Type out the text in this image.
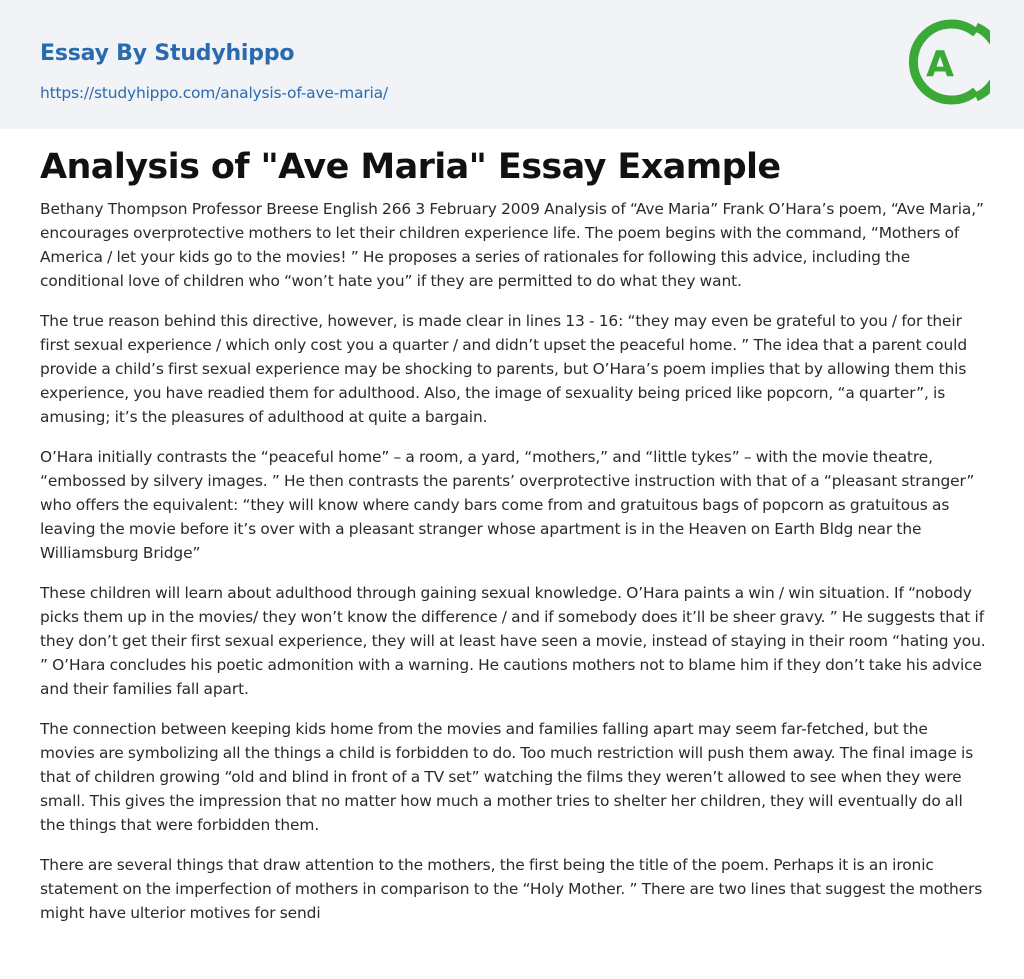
Essay By Studyhippo
https://studyhippo.com/analysis-of-ave-maria/
A
Analysis of "Ave Maria" Essay Example

Bethany Thompson Professor Breese English 266 3 February 2009 Analysis of “Ave Maria” Frank O’Hara’s poem, “Ave Maria,” encourages overprotective mothers to let their children experience life. The poem begins with the command, “Mothers of America / let your kids go to the movies! ” He proposes a series of rationales for following this advice, including the conditional love of children who “won’t hate you” if they are permitted to do what they want.

The true reason behind this directive, however, is made clear in lines 13 - 16: “they may even be grateful to you / for their first sexual experience / which only cost you a quarter / and didn’t upset the peaceful home. ” The idea that a parent could provide a child’s first sexual experience may be shocking to parents, but O’Hara’s poem implies that by allowing them this experience, you have readied them for adulthood. Also, the image of sexuality being priced like popcorn, “a quarter”, is amusing; it’s the pleasures of adulthood at quite a bargain.

O’Hara initially contrasts the “peaceful home” – a room, a yard, “mothers,” and “little tykes” – with the movie theatre, “embossed by silvery images. ” He then contrasts the parents’ overprotective instruction with that of a “pleasant stranger” who offers the equivalent: “they will know where candy bars come from and gratuitous bags of popcorn as gratuitous as leaving the movie before it’s over with a pleasant stranger whose apartment is in the Heaven on Earth Bldg near the Williamsburg Bridge”

These children will learn about adulthood through gaining sexual knowledge. O’Hara paints a win / win situation. If “nobody picks them up in the movies/ they won’t know the difference / and if somebody does it’ll be sheer gravy. ” He suggests that if they don’t get their first sexual experience, they will at least have seen a movie, instead of staying in their room “hating you. ” O’Hara concludes his poetic admonition with a warning. He cautions mothers not to blame him if they don’t take his advice and their families fall apart.

The connection between keeping kids home from the movies and families falling apart may seem far-fetched, but the movies are symbolizing all the things a child is forbidden to do. Too much restriction will push them away. The final image is that of children growing “old and blind in front of a TV set” watching the films they weren’t allowed to see when they were small. This gives the impression that no matter how much a mother tries to shelter her children, they will eventually do all the things that were forbidden them.

There are several things that draw attention to the mothers, the first being the title of the poem. Perhaps it is an ironic statement on the imperfection of mothers in comparison to the “Holy Mother. ” There are two lines that suggest the mothers might have ulterior motives for sendi
